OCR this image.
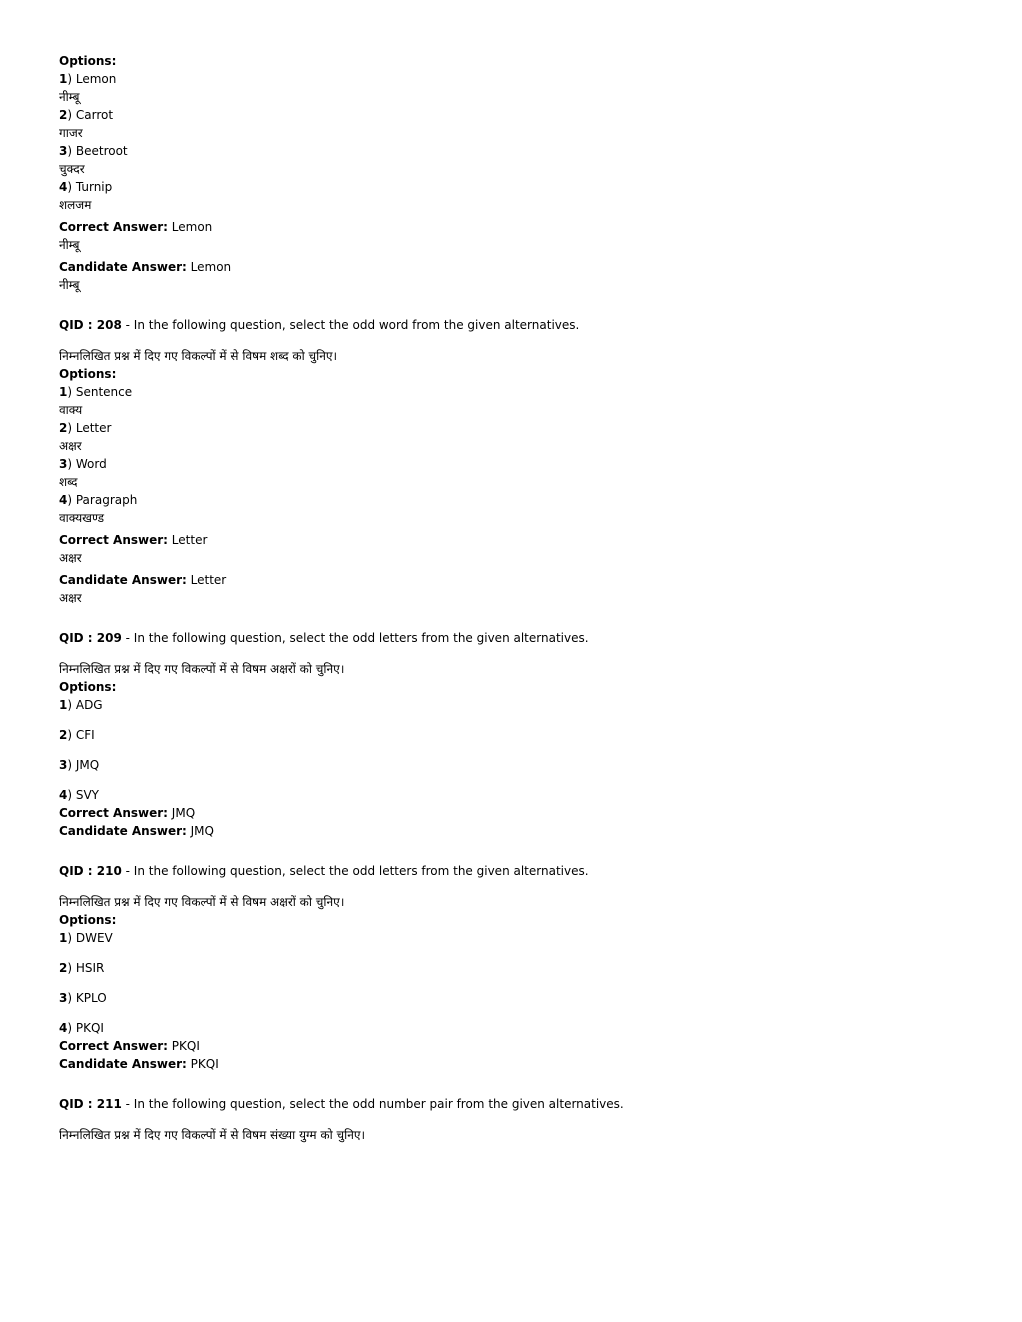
Options:
1) Lemon
नीम्बू
2) Carrot
गाजर
3) Beetroot
चुक्दर
4) Turnip
शलजम
Correct Answer: Lemon
नीम्बू
Candidate Answer: Lemon
नीम्बू
QID : 208 - In the following question, select the odd word from the given alternatives.
निम्नलिखित प्रश्न में दिए गए विकल्पों में से विषम शब्द को चुनिए।
Options:
1) Sentence
वाक्य
2) Letter
अक्षर
3) Word
शब्द
4) Paragraph
वाक्यखण्ड
Correct Answer: Letter
अक्षर
Candidate Answer: Letter
अक्षर
QID : 209 - In the following question, select the odd letters from the given alternatives.
निम्नलिखित प्रश्न में दिए गए विकल्पों में से विषम अक्षरों को चुनिए।
Options:
1) ADG
2) CFI
3) JMQ
4) SVY
Correct Answer: JMQ
Candidate Answer: JMQ
QID : 210 - In the following question, select the odd letters from the given alternatives.
निम्नलिखित प्रश्न में दिए गए विकल्पों में से विषम अक्षरों को चुनिए।
Options:
1) DWEV
2) HSIR
3) KPLO
4) PKQI
Correct Answer: PKQI
Candidate Answer: PKQI
QID : 211 - In the following question, select the odd number pair from the given alternatives.
निम्नलिखित प्रश्न में दिए गए विकल्पों में से विषम संख्या युग्म को चुनिए।
